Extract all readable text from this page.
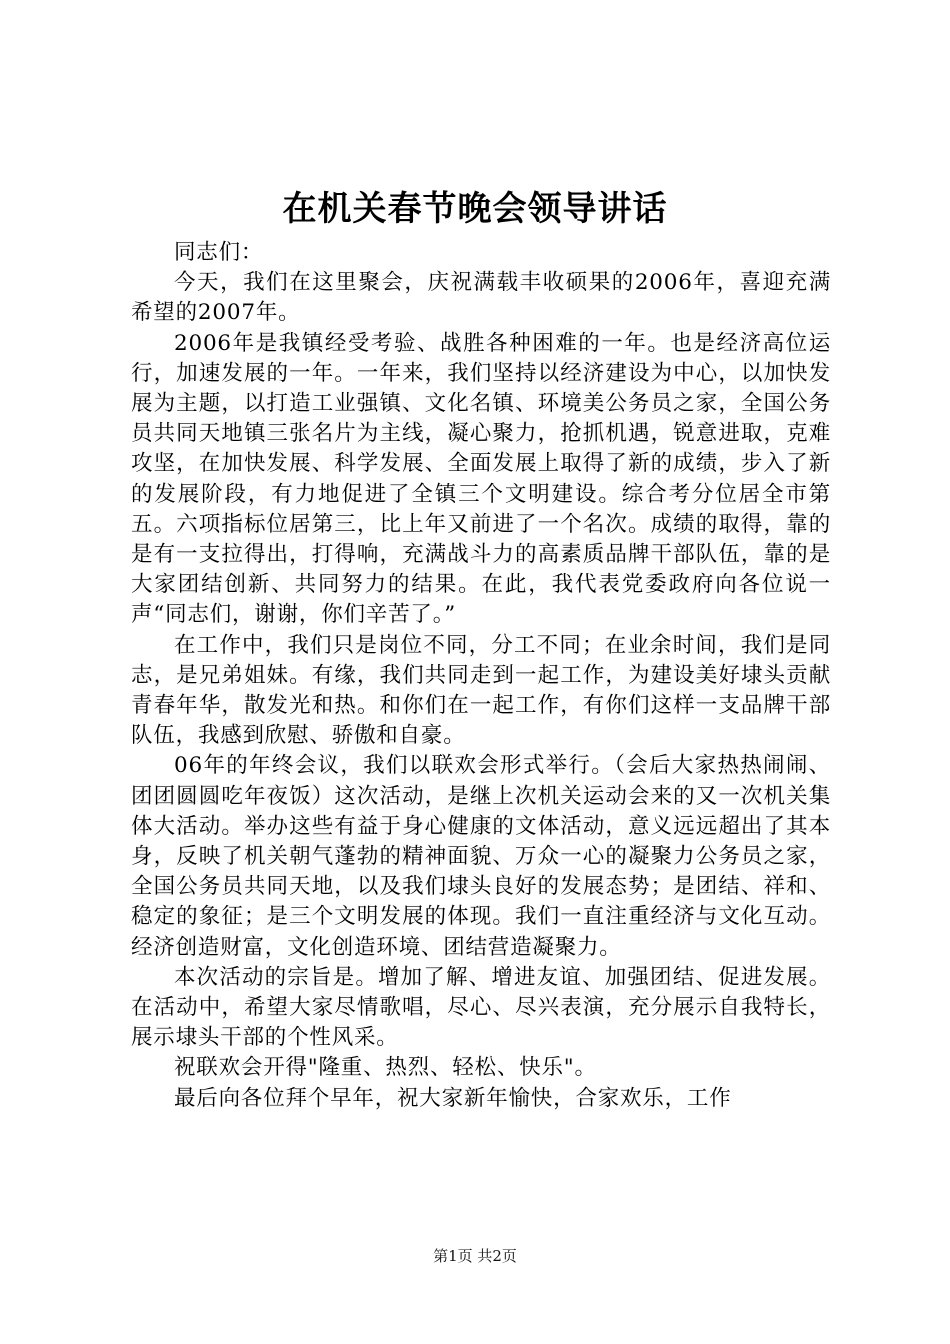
在机关春节晚会领导讲话

同志们：

今天，我们在这里聚会，庆祝满载丰收硕果的2006年，喜迎充满希望的2007年。

2006年是我镇经受考验、战胜各种困难的一年。也是经济高位运行，加速发展的一年。一年来，我们坚持以经济建设为中心，以加快发展为主题，以打造工业强镇、文化名镇、环境美公务员之家，全国公务员共同天地镇三张名片为主线，凝心聚力，抢抓机遇，锐意进取，克难攻坚，在加快发展、科学发展、全面发展上取得了新的成绩，步入了新的发展阶段，有力地促进了全镇三个文明建设。综合考分位居全市第五。六项指标位居第三，比上年又前进了一个名次。成绩的取得，靠的是有一支拉得出，打得响，充满战斗力的高素质品牌干部队伍，靠的是大家团结创新、共同努力的结果。在此，我代表党委政府向各位说一声“同志们，谢谢，你们辛苦了。”

在工作中，我们只是岗位不同，分工不同；在业余时间，我们是同志，是兄弟姐妹。有缘，我们共同走到一起工作，为建设美好埭头贡献青春年华，散发光和热。和你们在一起工作，有你们这样一支品牌干部队伍，我感到欣慰、骄傲和自豪。

06年的年终会议，我们以联欢会形式举行。（会后大家热热闹闹、团团圆圆吃年夜饭）这次活动，是继上次机关运动会来的又一次机关集体大活动。举办这些有益于身心健康的文体活动，意义远远超出了其本身，反映了机关朝气蓬勃的精神面貌、万众一心的凝聚力公务员之家，全国公务员共同天地，以及我们埭头良好的发展态势；是团结、祥和、稳定的象征；是三个文明发展的体现。我们一直注重经济与文化互动。经济创造财富，文化创造环境、团结营造凝聚力。

本次活动的宗旨是。增加了解、增进友谊、加强团结、促进发展。在活动中，希望大家尽情歌唱，尽心、尽兴表演，充分展示自我特长，展示埭头干部的个性风采。

祝联欢会开得"隆重、热烈、轻松、快乐"。

最后向各位拜个早年，祝大家新年愉快，合家欢乐，工作

第1页 共2页
